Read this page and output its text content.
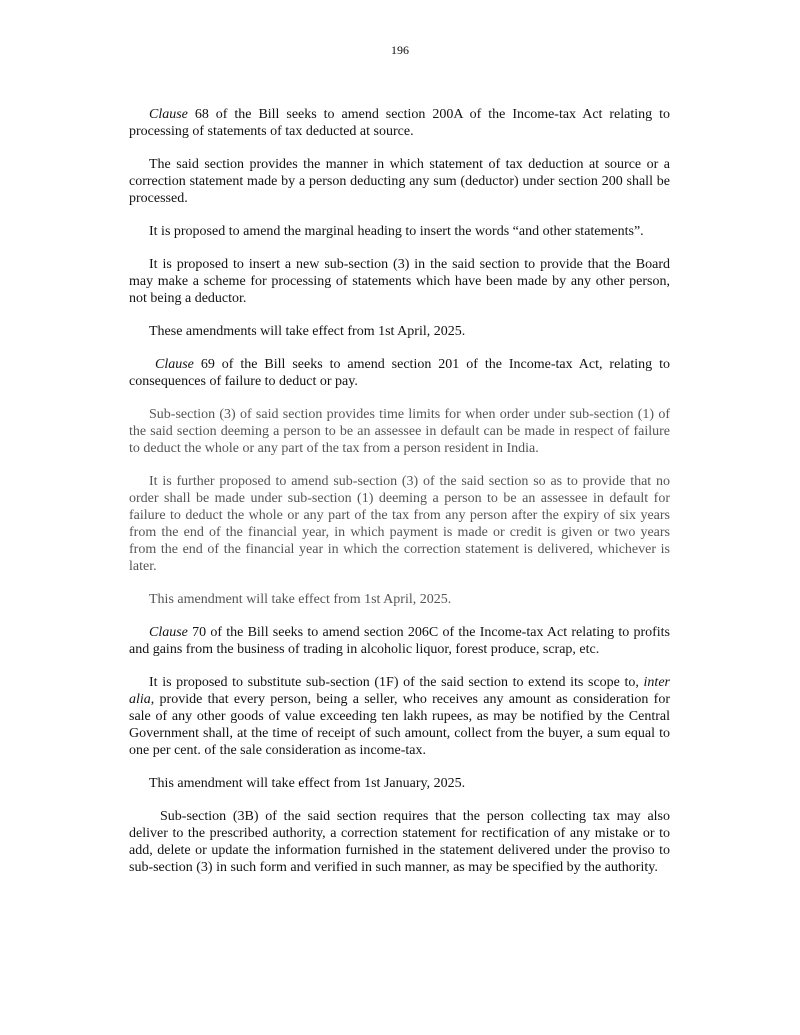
196

Clause 68 of the Bill seeks to amend section 200A of the Income-tax Act relating to processing of statements of tax deducted at source.

The said section provides the manner in which statement of tax deduction at source or a correction statement made by a person deducting any sum (deductor) under section 200 shall be processed.

It is proposed to amend the marginal heading to insert the words “and other statements”.

It is proposed to insert a new sub-section (3) in the said section to provide that the Board may make a scheme for processing of statements which have been made by any other person, not being a deductor.

These amendments will take effect from 1st April, 2025.

Clause 69 of the Bill seeks to amend section 201 of the Income-tax Act, relating to consequences of failure to deduct or pay.

Sub-section (3) of said section provides time limits for when order under sub-section (1) of the said section deeming a person to be an assessee in default can be made in respect of failure to deduct the whole or any part of the tax from a person resident in India.

It is further proposed to amend sub-section (3) of the said section so as to provide that no order shall be made under sub-section (1) deeming a person to be an assessee in default for failure to deduct the whole or any part of the tax from any person after the expiry of six years from the end of the financial year, in which payment is made or credit is given or two years from the end of the financial year in which the correction statement is delivered, whichever is later.

This amendment will take effect from 1st April, 2025.

Clause 70 of the Bill seeks to amend section 206C of the Income-tax Act relating to profits and gains from the business of trading in alcoholic liquor, forest produce, scrap, etc.

It is proposed to substitute sub-section (1F) of the said section to extend its scope to, inter alia, provide that every person, being a seller, who receives any amount as consideration for sale of any other goods of value exceeding ten lakh rupees, as may be notified by the Central Government shall, at the time of receipt of such amount, collect from the buyer, a sum equal to one per cent. of the sale consideration as income-tax.

This amendment will take effect from 1st January, 2025.

Sub-section (3B) of the said section requires that the person collecting tax may also deliver to the prescribed authority, a correction statement for rectification of any mistake or to add, delete or update the information furnished in the statement delivered under the proviso to sub-section (3) in such form and verified in such manner, as may be specified by the authority.
